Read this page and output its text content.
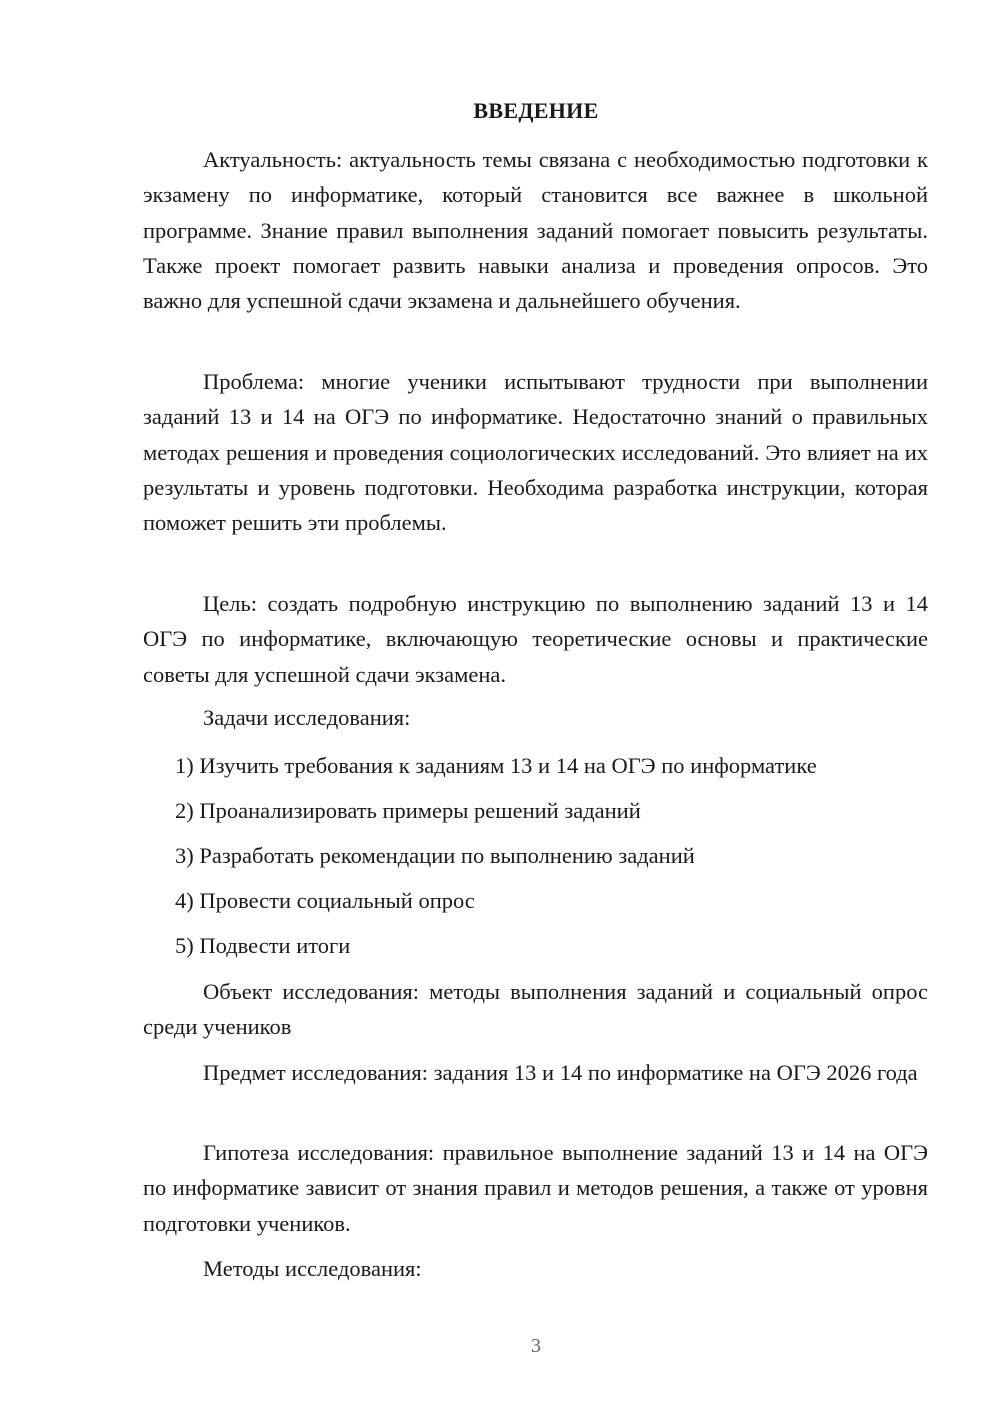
ВВЕДЕНИЕ

Актуальность: актуальность темы связана с необходимостью подготовки к экзамену по информатике, который становится все важнее в школьной программе. Знание правил выполнения заданий помогает повысить результаты. Также проект помогает развить навыки анализа и проведения опросов. Это важно для успешной сдачи экзамена и дальнейшего обучения.

Проблема: многие ученики испытывают трудности при выполнении заданий 13 и 14 на ОГЭ по информатике. Недостаточно знаний о правильных методах решения и проведения социологических исследований. Это влияет на их результаты и уровень подготовки. Необходима разработка инструкции, которая поможет решить эти проблемы.

Цель: создать подробную инструкцию по выполнению заданий 13 и 14 ОГЭ по информатике, включающую теоретические основы и практические советы для успешной сдачи экзамена.

Задачи исследования:

1) Изучить требования к заданиям 13 и 14 на ОГЭ по информатике
2) Проанализировать примеры решений заданий
3) Разработать рекомендации по выполнению заданий
4) Провести социальный опрос
5) Подвести итоги

Объект исследования: методы выполнения заданий и социальный опрос среди учеников

Предмет исследования: задания 13 и 14 по информатике на ОГЭ 2026 года

Гипотеза исследования: правильное выполнение заданий 13 и 14 на ОГЭ по информатике зависит от знания правил и методов решения, а также от уровня подготовки учеников.

Методы исследования:

3
